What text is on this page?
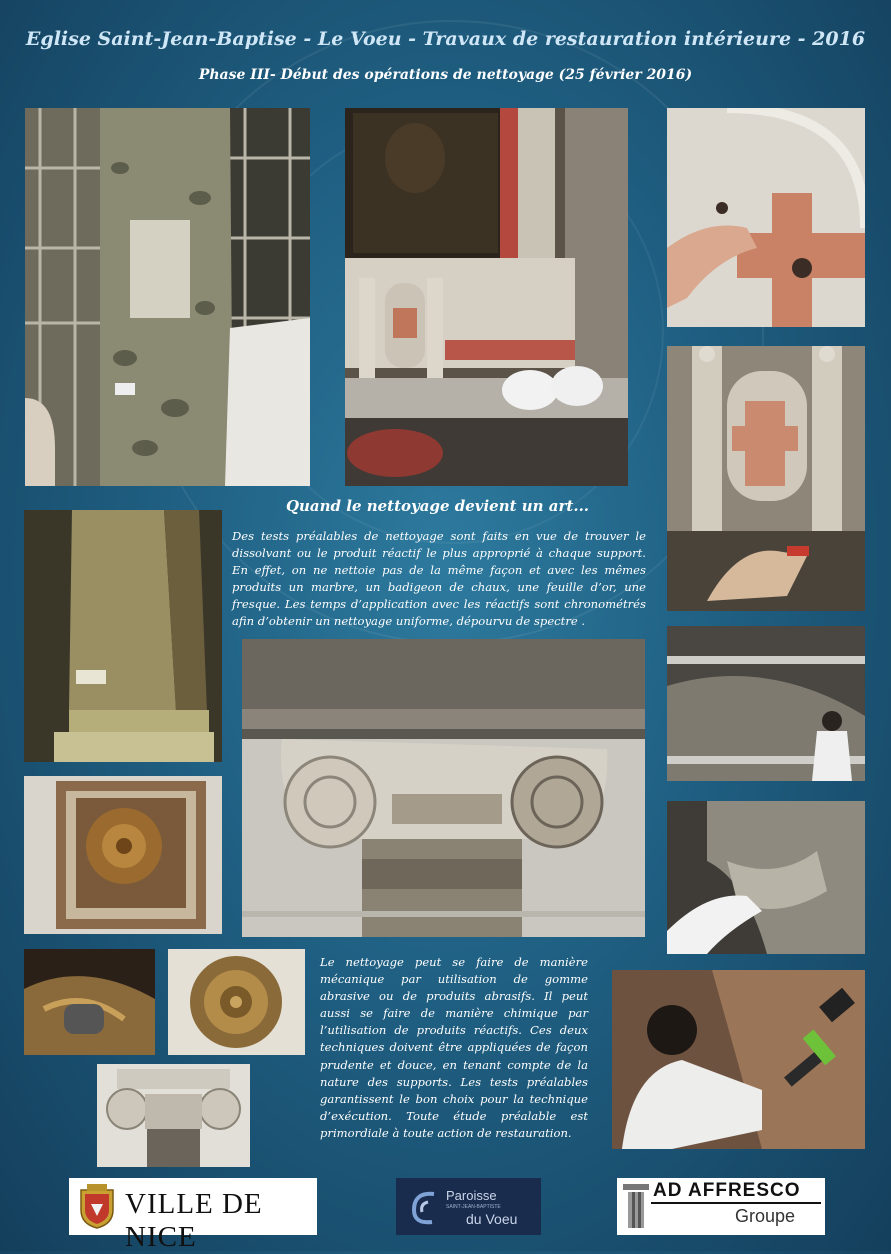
Eglise Saint-Jean-Baptise - Le Voeu - Travaux de restauration intérieure - 2016
Phase III- Début des opérations de nettoyage (25 février 2016)
Quand le nettoyage devient un art...
Des tests préalables de nettoyage sont faits en vue de trouver le dissolvant ou le produit réactif le plus approprié à chaque support. En effet, on ne nettoie pas de la même façon et avec les mêmes produits un marbre, un badigeon de chaux, une feuille d’or, une fresque. Les temps d’application avec les réactifs sont chronométrés afin d’obtenir un nettoyage uniforme, dépourvu de spectre .
Le nettoyage peut se faire de manière mécanique par utilisation de gomme abrasive ou de produits abrasifs. Il peut aussi se faire de manière chimique par l’utilisation de produits réactifs. Ces deux techniques doivent être appliquées de façon prudente et douce, en tenant compte de la nature des supports. Les tests préalables garantissent le bon choix pour la technique d’exécution. Toute étude préalable est primordiale à toute action de restauration.
VILLE DE NICE
Paroisse
SAINT-JEAN-BAPTISTE
du Voeu
AD AFFRESCO
Groupe
